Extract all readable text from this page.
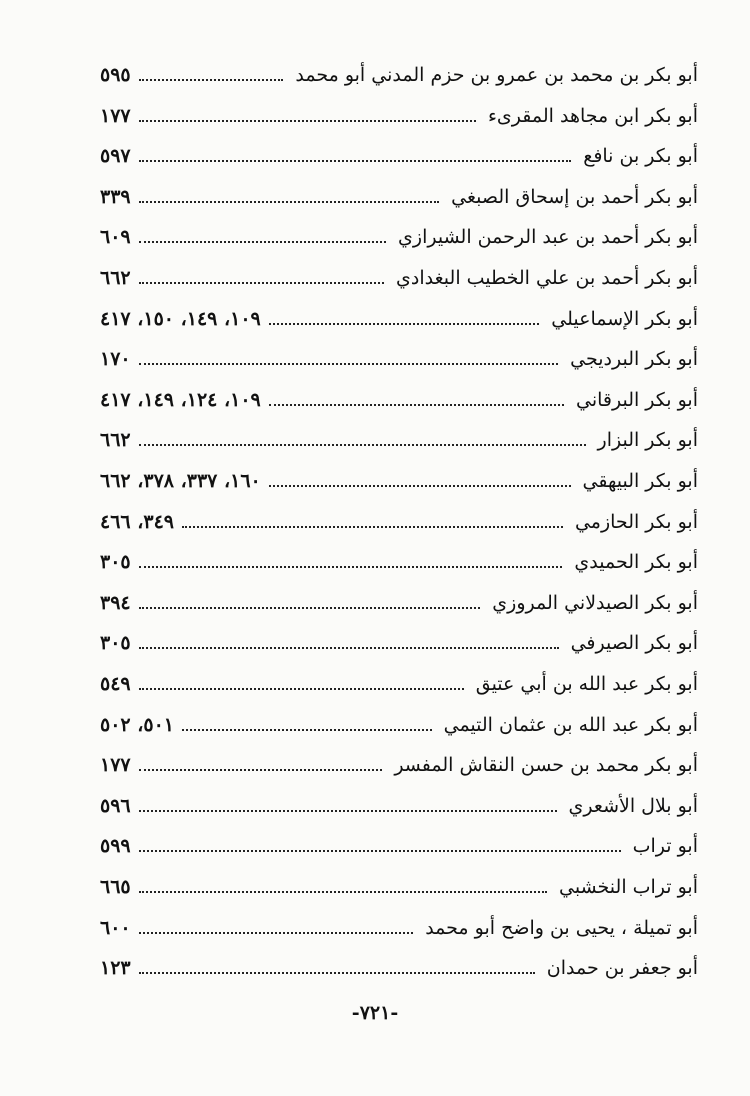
أبو بكر بن محمد بن عمرو بن حزم المدني أبو محمد
٥٩٥
أبو بكر ابن مجاهد المقرىء
١٧٧
أبو بكر بن نافع
٥٩٧
أبو بكر أحمد بن إسحاق الصبغي
٣٣٩
أبو بكر أحمد بن عبد الرحمن الشيرازي
٦٠٩
أبو بكر أحمد بن علي الخطيب البغدادي
٦٦٢
أبو بكر الإسماعيلي
١٠٩، ١٤٩، ١٥٠، ٤١٧
أبو بكر البرديجي
١٧٠
أبو بكر البرقاني
١٠٩، ١٢٤، ١٤٩، ٤١٧
أبو بكر البزار
٦٦٢
أبو بكر البيهقي
١٦٠، ٣٣٧، ٣٧٨، ٦٦٢
أبو بكر الحازمي
٣٤٩، ٤٦٦
أبو بكر الحميدي
٣٠٥
أبو بكر الصيدلاني المروزي
٣٩٤
أبو بكر الصيرفي
٣٠٥
أبو بكر عبد الله بن أبي عتيق
٥٤٩
أبو بكر عبد الله بن عثمان التيمي
٥٠١، ٥٠٢
أبو بكر محمد بن حسن النقاش المفسر
١٧٧
أبو بلال الأشعري
٥٩٦
أبو تراب
٥٩٩
أبو تراب النخشبي
٦٦٥
أبو تميلة ، يحيى بن واضح أبو محمد
٦٠٠
أبو جعفر بن حمدان
١٢٣
-٧٢١-
